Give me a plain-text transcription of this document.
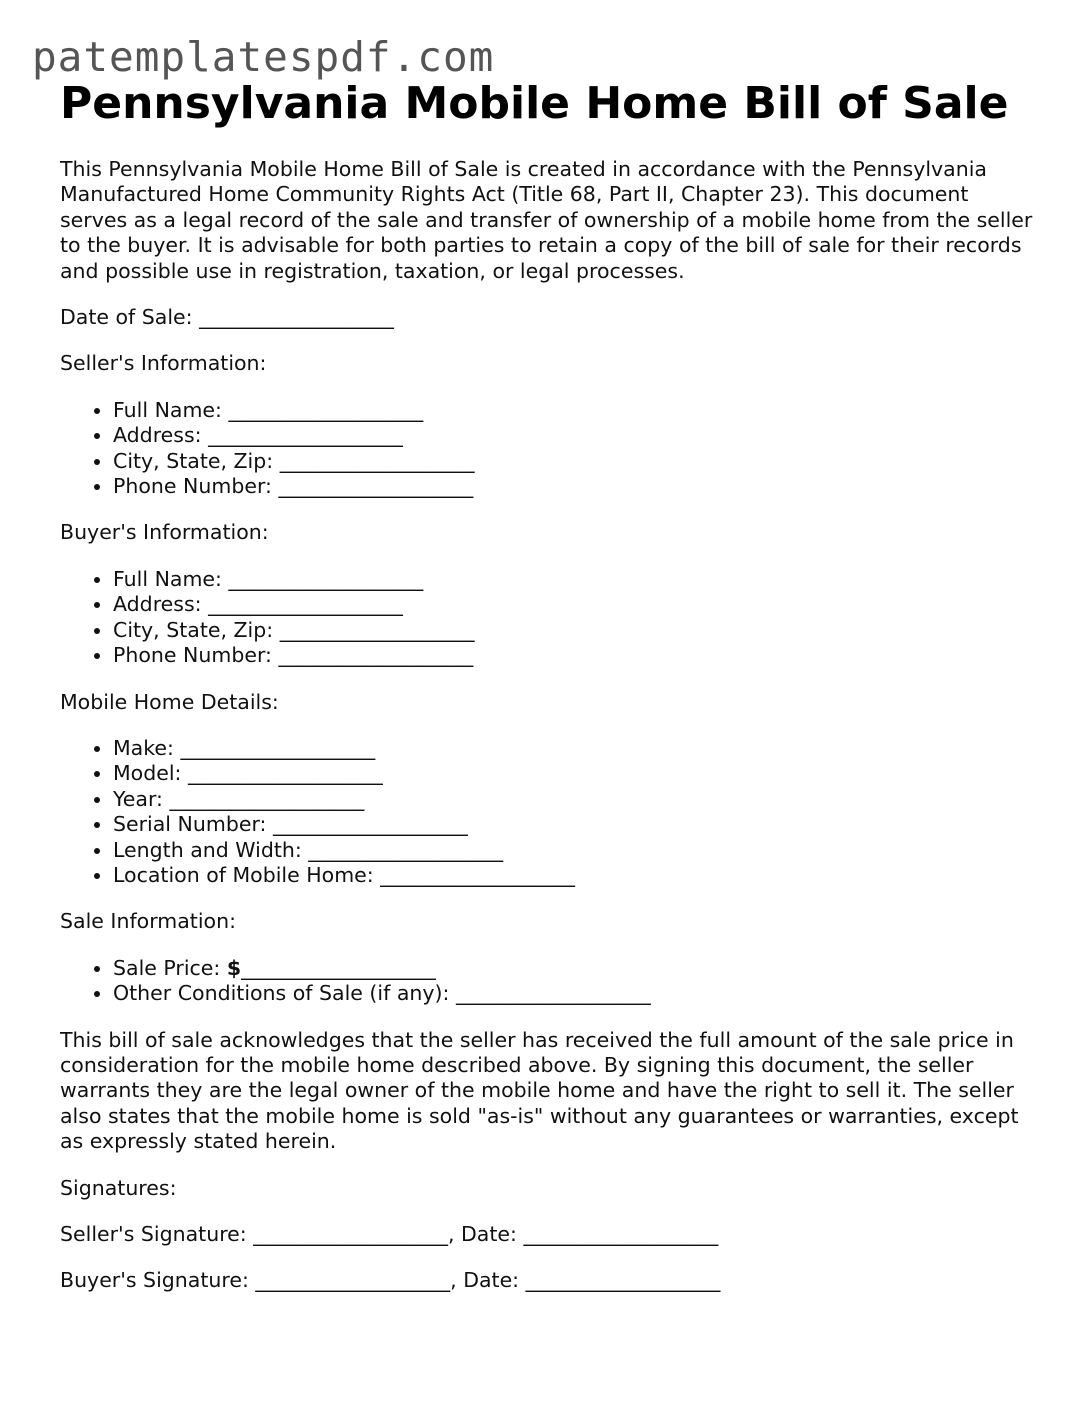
patemplatespdf.com
Pennsylvania Mobile Home Bill of Sale

This Pennsylvania Mobile Home Bill of Sale is created in accordance with the Pennsylvania Manufactured Home Community Rights Act (Title 68, Part II, Chapter 23). This document serves as a legal record of the sale and transfer of ownership of a mobile home from the seller to the buyer. It is advisable for both parties to retain a copy of the bill of sale for their records and possible use in registration, taxation, or legal processes.

Date of Sale: ___________________

Seller's Information:

• Full Name: ___________________
• Address: ___________________
• City, State, Zip: ___________________
• Phone Number: ___________________

Buyer's Information:

• Full Name: ___________________
• Address: ___________________
• City, State, Zip: ___________________
• Phone Number: ___________________

Mobile Home Details:

• Make: ___________________
• Model: ___________________
• Year: ___________________
• Serial Number: ___________________
• Length and Width: ___________________
• Location of Mobile Home: ___________________

Sale Information:

• Sale Price: $___________________
• Other Conditions of Sale (if any): ___________________

This bill of sale acknowledges that the seller has received the full amount of the sale price in consideration for the mobile home described above. By signing this document, the seller warrants they are the legal owner of the mobile home and have the right to sell it. The seller also states that the mobile home is sold "as-is" without any guarantees or warranties, except as expressly stated herein.

Signatures:

Seller's Signature: ___________________, Date: ___________________

Buyer's Signature: ___________________, Date: ___________________
